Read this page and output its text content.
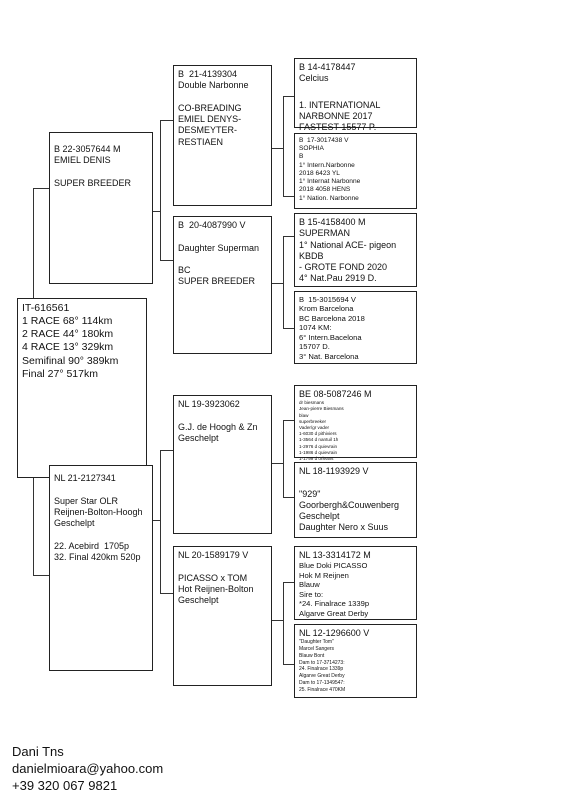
IT-616561
1 RACE 68° 114km
2 RACE 44° 180km
4 RACE 13° 329km
Semifinal 90° 389km
Final 27° 517km
B 22-3057644 M
EMIEL DENIS

SUPER BREEDER
NL 21-2127341

Super Star OLR
Reijnen-Bolton-Hoogh
Geschelpt

22. Acebird  1705p
32. Final 420km 520p
B  21-4139304
Double Narbonne

CO-BREADING
EMIEL DENYS-
DESMEYTER-
RESTIAEN
B  20-4087990 V

Daughter Superman

BC
SUPER BREEDER
NL 19-3923062

G.J. de Hoogh & Zn
Geschelpt
NL 20-1589179 V

PICASSO x TOM
Hot Reijnen-Bolton
Geschelpt
B 14-4178447
Celcius

1. INTERNATIONAL
NARBONNE 2017
FASTEST 15577 P.
B  17-3017438 V
SOPHIA
B
1° Intern.Narbonne
2018 6423 YL
1° Internat Narbonne
2018 4058 HENS
1° Nation. Narbonne
B 15-4158400 M
SUPERMAN
1° National ACE- pigeon
KBDB
- GROTE FOND 2020
4° Nat.Pau 2919 D.
B  15-3015694 V
Krom Barcelona
BC Barcelona 2018
1074 KM:
6° Intern.Bacelona
15707 D.
3° Nat. Barcelona
BE 08-5087246 M
dr biesmans
Jean-pierre Biesmans
blaw
superbreeker
Vader/gr vader
1-6030 d pithiviers
1-3564 d nantuil 1h
1-2976 d quievrain
1-1986 d quievrain
1-1799 d orleans
NL 18-1193929 V

"929"
Goorbergh&Couwenberg
Geschelpt
Daughter Nero x Suus
NL 13-3314172 M
Blue Doki PICASSO
Hok M Reijnen
Blauw
Sire to:
*24. Finalrace 1339p
Algarve Great Derby
NL 12-1296600 V
"Daughter Tom"
Marcel Sangers
Blauw Bont
Dam to 17-3714273:
24. Finalrace 1339p
Algarve Great Derby
Dam to 17-1349547:
25. Finalrace 470KM
Dani Tns
danielmioara@yahoo.com
+39 320 067 9821
